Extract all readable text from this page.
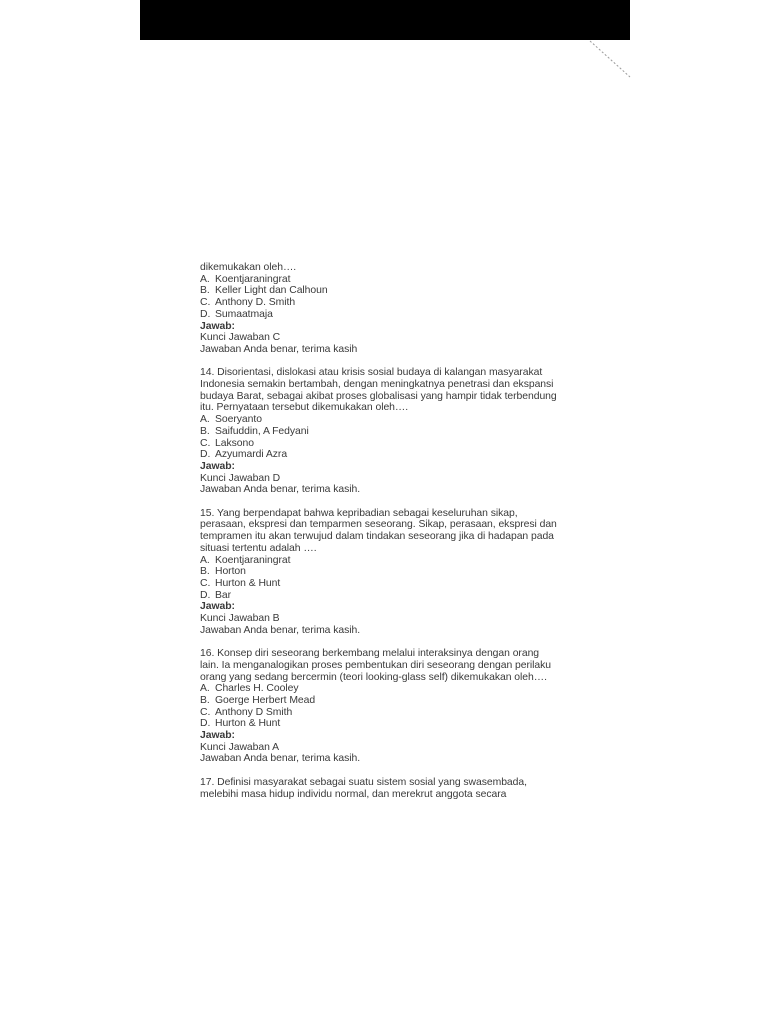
dikemukakan oleh….
A. Koentjaraningrat
B. Keller Light dan Calhoun
C. Anthony D. Smith
D. Sumaatmaja
Jawab:
Kunci Jawaban C
Jawaban Anda benar, terima kasih
14. Disorientasi, dislokasi atau krisis sosial budaya di kalangan masyarakat
Indonesia semakin bertambah, dengan meningkatnya penetrasi dan ekspansi
budaya Barat, sebagai akibat proses globalisasi yang hampir tidak terbendung
itu. Pernyataan tersebut dikemukakan oleh….
A. Soeryanto
B. Saifuddin, A Fedyani
C. Laksono
D. Azyumardi Azra
Jawab:
Kunci Jawaban D
Jawaban Anda benar, terima kasih.
15. Yang berpendapat bahwa kepribadian sebagai keseluruhan sikap,
perasaan, ekspresi dan temparmen seseorang. Sikap, perasaan, ekspresi dan
tempramen itu akan terwujud dalam tindakan seseorang jika di hadapan pada
situasi tertentu adalah ….
A. Koentjaraningrat
B. Horton
C. Hurton & Hunt
D. Bar
Jawab:
Kunci Jawaban B
Jawaban Anda benar, terima kasih.
16. Konsep diri seseorang berkembang melalui interaksinya dengan orang
lain. Ia menganalogikan proses pembentukan diri seseorang dengan perilaku
orang yang sedang bercermin (teori looking-glass self) dikemukakan oleh….
A. Charles H. Cooley
B. Goerge Herbert Mead
C. Anthony D Smith
D. Hurton & Hunt
Jawab:
Kunci Jawaban A
Jawaban Anda benar, terima kasih.
17. Definisi masyarakat sebagai suatu sistem sosial yang swasembada,
melebihi masa hidup individu normal, dan merekrut anggota secara
